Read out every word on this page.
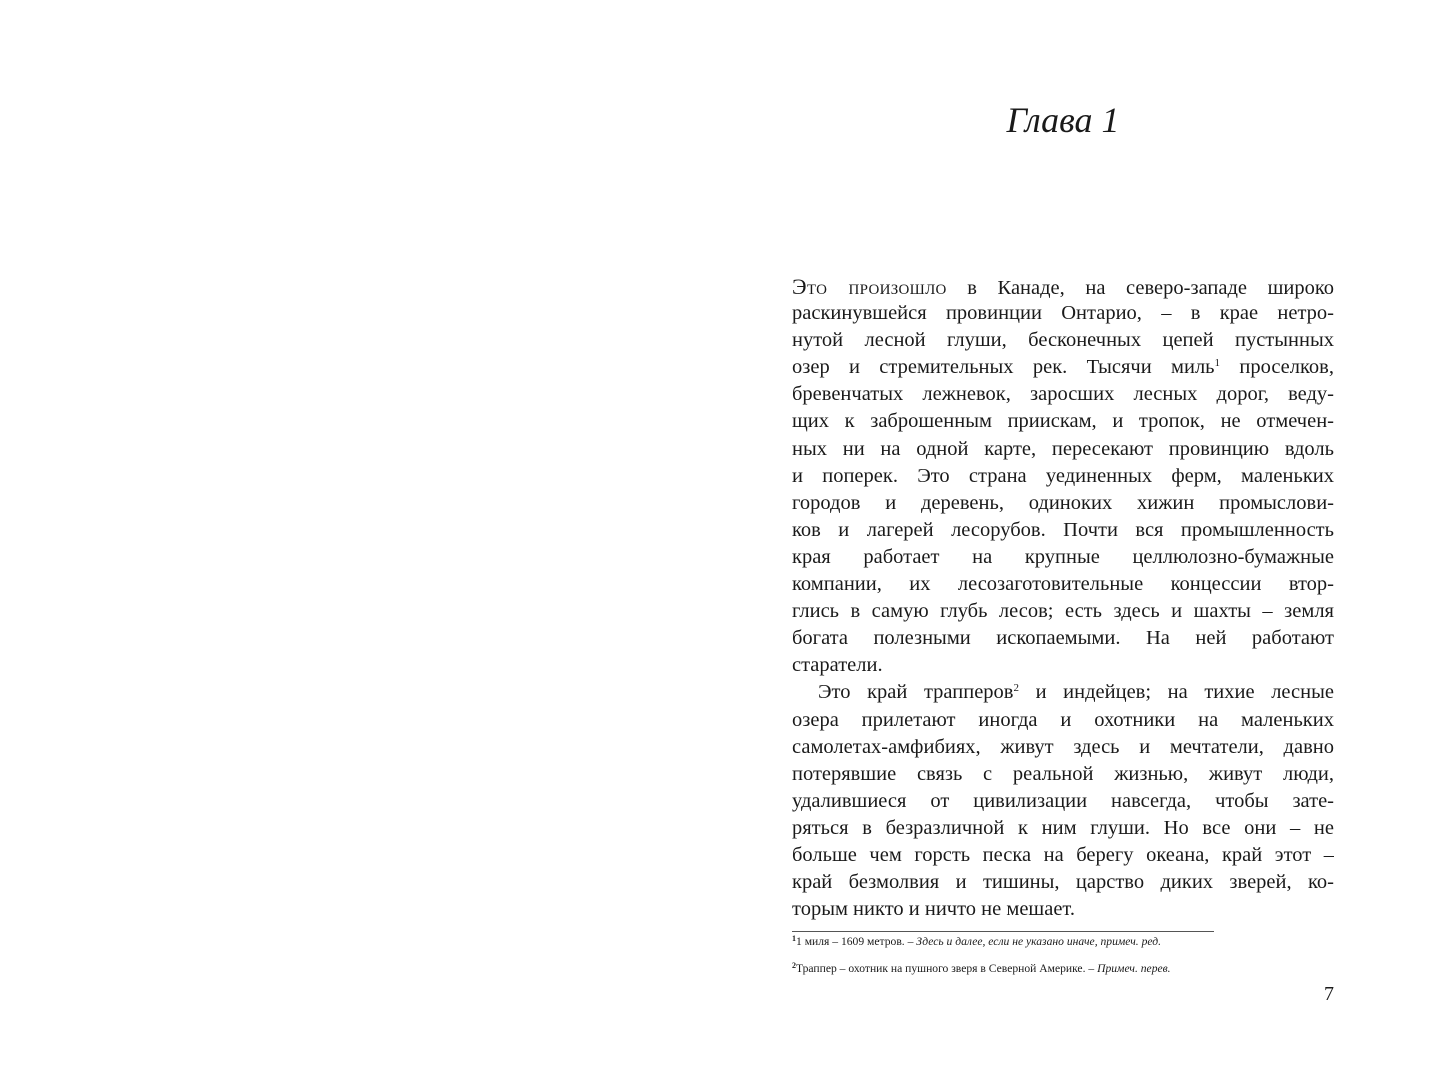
Глава 1
Это произошло в Канаде, на северо-западе широко
раскинувшейся провинции Онтарио, – в крае нетро-
нутой лесной глуши, бесконечных цепей пустынных
озер и стремительных рек. Тысячи миль$^1$ проселков,
бревенчатых лежневок, заросших лесных дорог, веду-
щих к заброшенным приискам, и тропок, не отмечен-
ных ни на одной карте, пересекают провинцию вдоль
и поперек. Это страна уединенных ферм, маленьких
городов и деревень, одиноких хижин промыслови-
ков и лагерей лесорубов. Почти вся промышленность
края работает на крупные целлюлозно-бумажные
компании, их лесозаготовительные концессии втор-
глись в самую глубь лесов; есть здесь и шахты – земля
богата полезными ископаемыми. На ней работают
старатели.
Это край трапперов$^2$ и индейцев; на тихие лесные
озера прилетают иногда и охотники на маленьких
самолетах-амфибиях, живут здесь и мечтатели, давно
потерявшие связь с реальной жизнью, живут люди,
удалившиеся от цивилизации навсегда, чтобы зате-
ряться в безразличной к ним глуши. Но все они – не
больше чем горсть песка на берегу океана, край этот –
край безмолвия и тишины, царство диких зверей, ко-
торым никто и ничто не мешает.
$^1$1 миля – 1609 метров. – Здесь и далее, если не указано иначе, примеч. ред.
$^2$Траппер – охотник на пушного зверя в Северной Америке. – Примеч. перев.
7
